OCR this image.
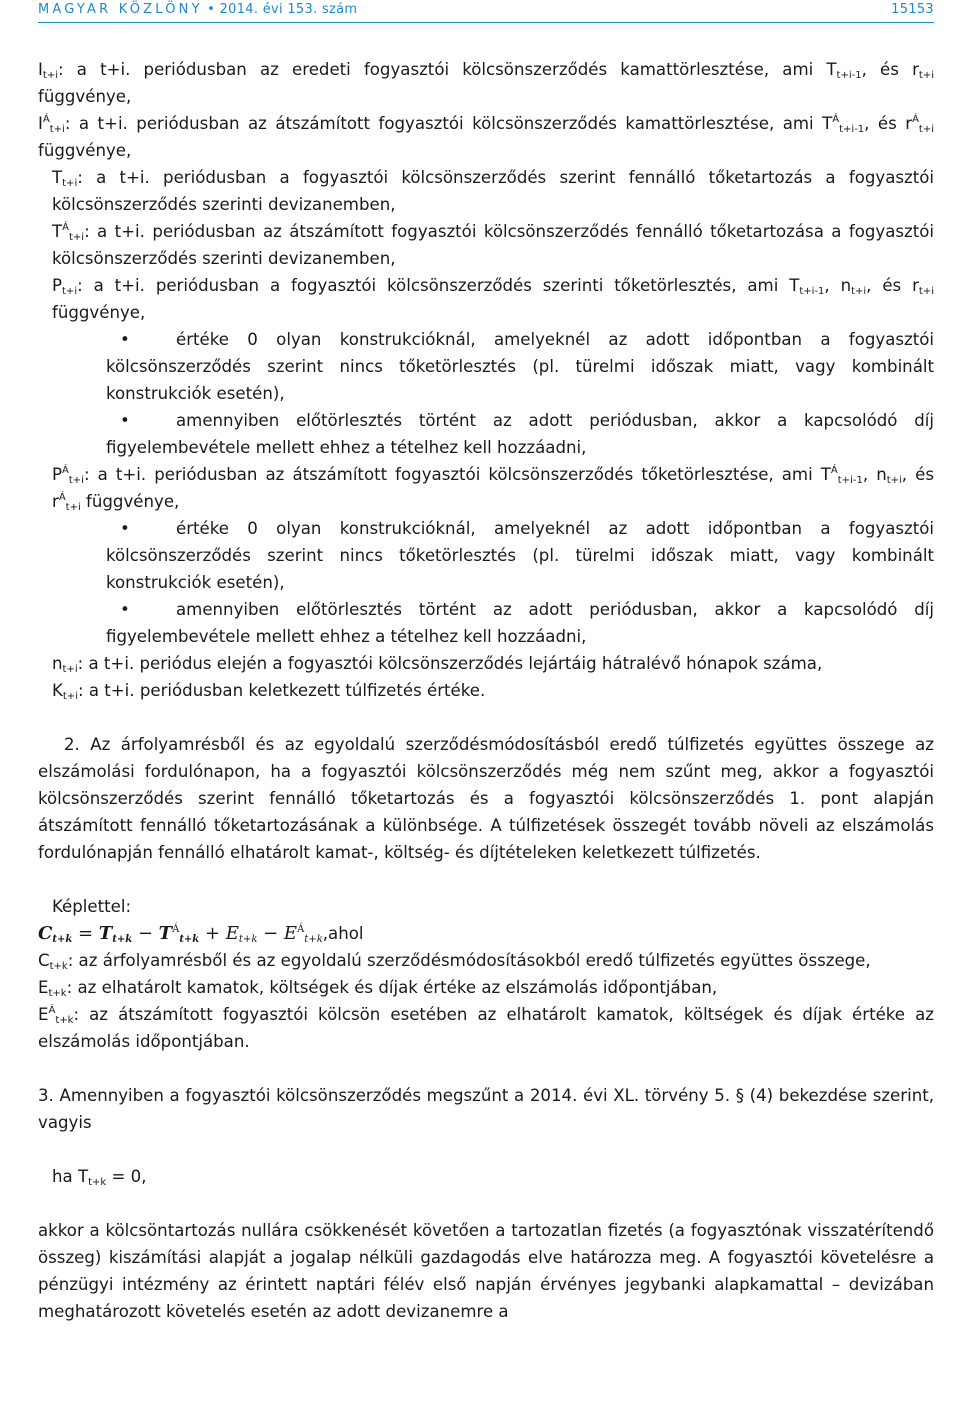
MAGYAR KÖZLÖNY • 2014. évi 153. szám	15153

$I_{t+i}$: a t+i. periódusban az eredeti fogyasztói kölcsönszerződés kamattörlesztése, ami $T_{t+i-1}$, és $r_{t+i}$ függvénye,

$I^Á_{t+i}$: a t+i. periódusban az átszámított fogyasztói kölcsönszerződés kamattörlesztése, ami $T^Á_{t+i-1}$, és $r^Á_{t+i}$ függvénye,

$T_{t+i}$: a t+i. periódusban a fogyasztói kölcsönszerződés szerint fennálló tőketartozás a fogyasztói kölcsönszerződés szerinti devizanemben,

$T^Á_{t+i}$: a t+i. periódusban az átszámított fogyasztói kölcsönszerződés fennálló tőketartozása a fogyasztói kölcsönszerződés szerinti devizanemben,

$P_{t+i}$: a t+i. periódusban a fogyasztói kölcsönszerződés szerinti tőketörlesztés, ami $T_{t+i-1}$, $n_{t+i}$, és $r_{t+i}$ függvénye,

•	értéke 0 olyan konstrukcióknál, amelyeknél az adott időpontban a fogyasztói kölcsönszerződés szerint nincs tőketörlesztés (pl. türelmi időszak miatt, vagy kombinált konstrukciók esetén),
•	amennyiben előtörlesztés történt az adott periódusban, akkor a kapcsolódó díj figyelembevétele mellett ehhez a tételhez kell hozzáadni,

$P^Á_{t+i}$: a t+i. periódusban az átszámított fogyasztói kölcsönszerződés tőketörlesztése, ami $T^Á_{t+i-1}$, $n_{t+i}$, és $r^Á_{t+i}$ függvénye,

•	értéke 0 olyan konstrukcióknál, amelyeknél az adott időpontban a fogyasztói kölcsönszerződés szerint nincs tőketörlesztés (pl. türelmi időszak miatt, vagy kombinált konstrukciók esetén),
•	amennyiben előtörlesztés történt az adott periódusban, akkor a kapcsolódó díj figyelembevétele mellett ehhez a tételhez kell hozzáadni,

$n_{t+i}$: a t+i. periódus elején a fogyasztói kölcsönszerződés lejártáig hátralévő hónapok száma,

$K_{t+i}$: a t+i. periódusban keletkezett túlfizetés értéke.

2. Az árfolyamrésből és az egyoldalú szerződésmódosításból eredő túlfizetés együttes összege az elszámolási fordulónapon, ha a fogyasztói kölcsönszerződés még nem szűnt meg, akkor a fogyasztói kölcsönszerződés szerint fennálló tőketartozás és a fogyasztói kölcsönszerződés 1. pont alapján átszámított fennálló tőketartozásának a különbsége. A túlfizetések összegét tovább növeli az elszámolás fordulónapján fennálló elhatárolt kamat-, költség- és díjtételeken keletkezett túlfizetés.

Képlettel:

$C_{t+k} = T_{t+k} - T^Á_{t+k} + E_{t+k}$ − $E^Á_{t+k},ahol$

$C_{t+k}$: az árfolyamrésből és az egyoldalú szerződésmódosításokból eredő túlfizetés együttes összege,

$E_{t+k}$: az elhatárolt kamatok, költségek és díjak értéke az elszámolás időpontjában,

$E^Á_{t+k}$: az átszámított fogyasztói kölcsön esetében az elhatárolt kamatok, költségek és díjak értéke az elszámolás időpontjában.

3. Amennyiben a fogyasztói kölcsönszerződés megszűnt a 2014. évi XL. törvény 5. § (4) bekezdése szerint, vagyis

ha $T_{t+k} = 0$,

akkor a kölcsöntartozás nullára csökkenését követően a tartozatlan fizetés (a fogyasztónak visszatérítendő összeg) kiszámítási alapját a jogalap nélküli gazdagodás elve határozza meg. A fogyasztói követelésre a pénzügyi intézmény az érintett naptári félév első napján érvényes jegybanki alapkamattal – devizában meghatározott követelés esetén az adott devizanemre a
